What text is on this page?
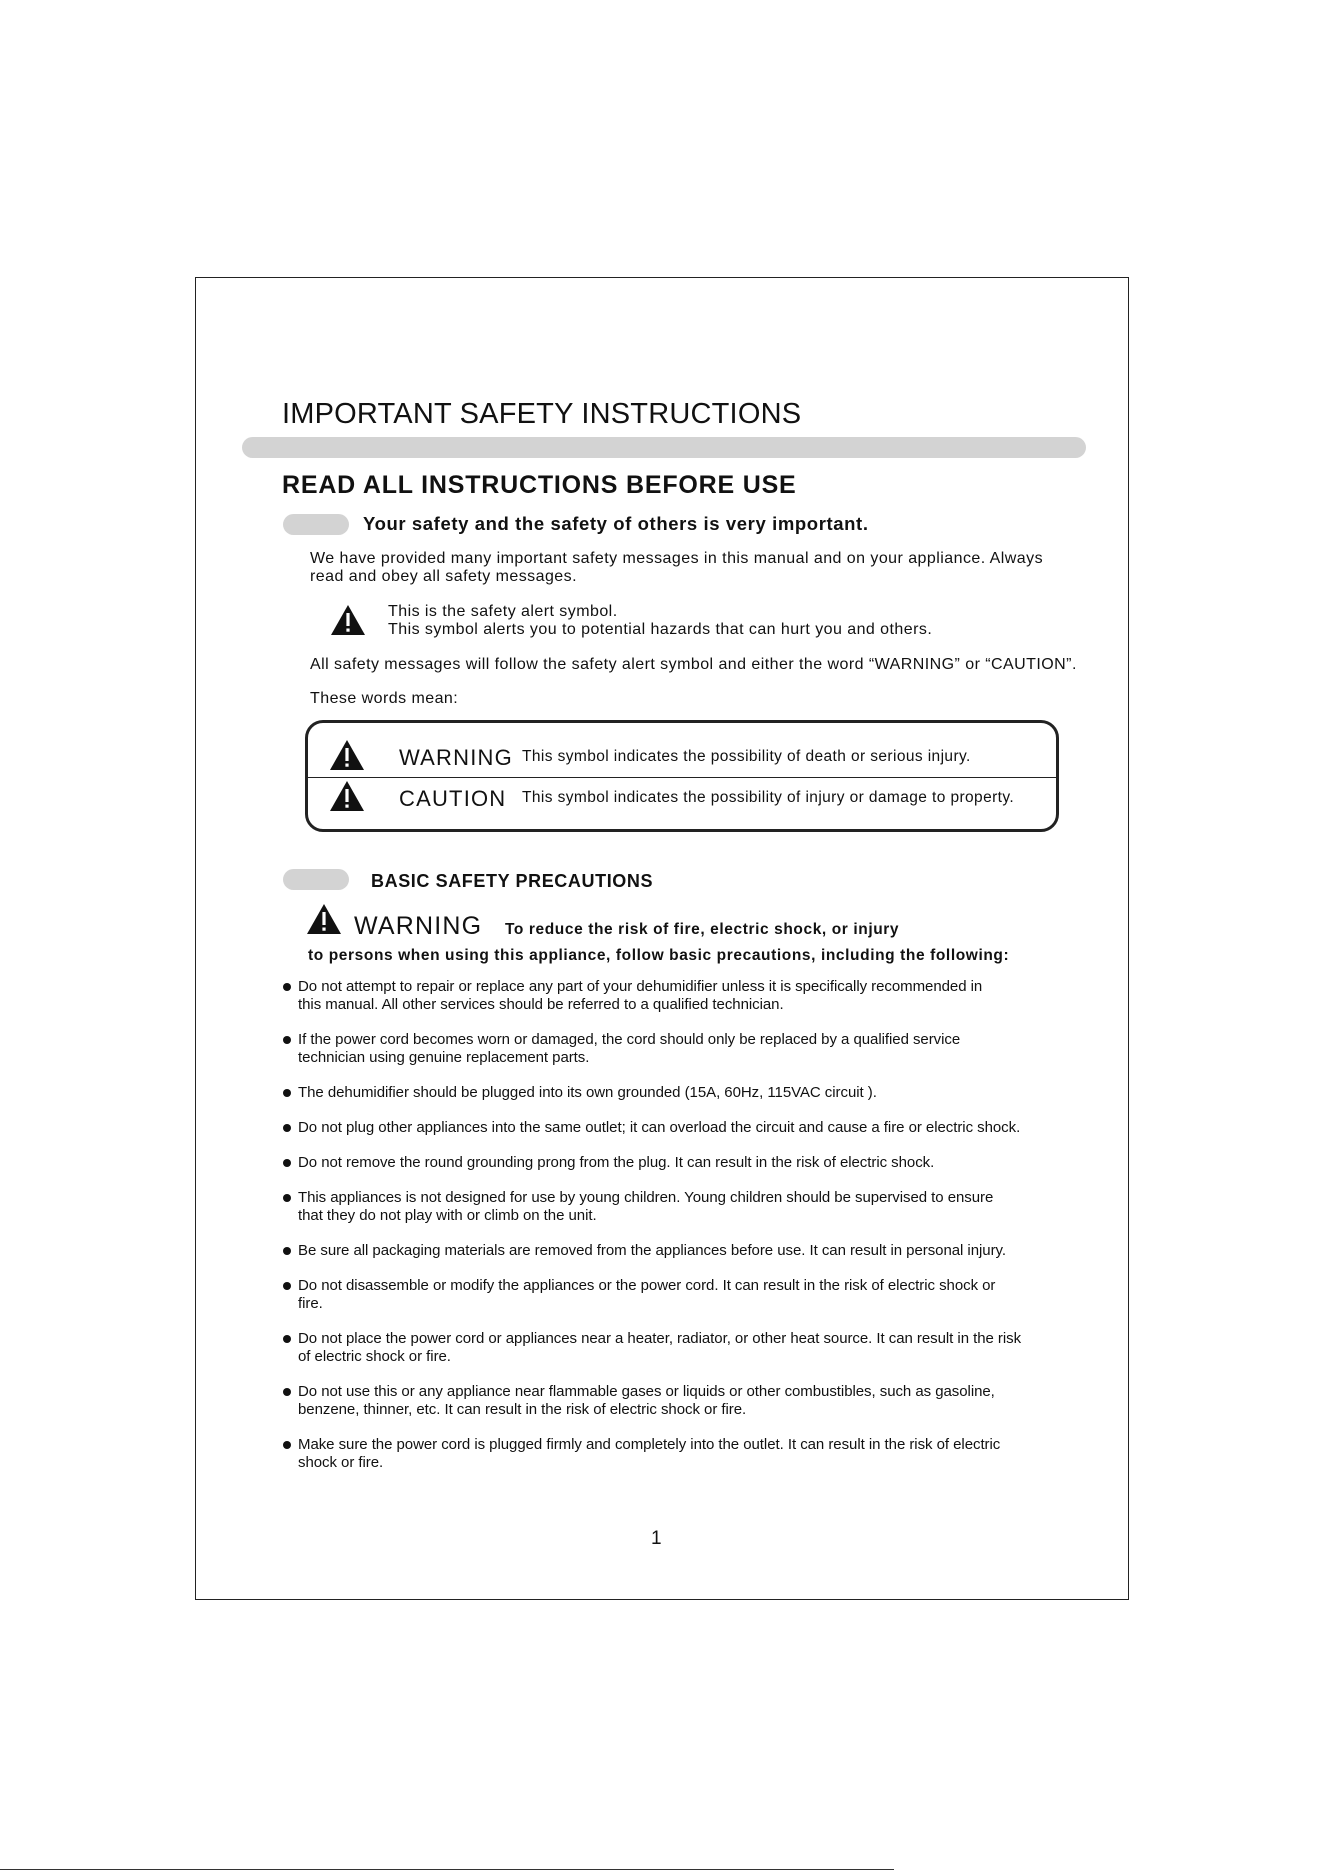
IMPORTANT SAFETY INSTRUCTIONS
READ ALL INSTRUCTIONS BEFORE USE
Your safety and the safety of others is very important.
We have provided many important safety messages in this manual and on your appliance. Always
read and obey all safety messages.
This is the safety alert symbol.
This symbol alerts you to potential hazards that can hurt you and others.
All safety messages will follow the safety alert symbol and either the word “WARNING” or “CAUTION”.
These words mean:
WARNING This symbol indicates the possibility of death or serious injury.
CAUTION This symbol indicates the possibility of injury or damage to property.
BASIC SAFETY PRECAUTIONS
WARNING To reduce the risk of fire, electric shock, or injury
to persons when using this appliance, follow basic precautions, including the following:
Do not attempt to repair or replace any part of your dehumidifier unless it is specifically recommended in
this manual. All other services should be referred to a qualified technician.
If the power cord becomes worn or damaged, the cord should only be replaced by a qualified service
technician using genuine replacement parts.
The dehumidifier should be plugged into its own grounded (15A, 60Hz, 115VAC circuit ).
Do not plug other appliances into the same outlet; it can overload the circuit and cause a fire or electric shock.
Do not remove the round grounding prong from the plug. It can result in the risk of electric shock.
This appliances is not designed for use by young children. Young children should be supervised to ensure
that they do not play with or climb on the unit.
Be sure all packaging materials are removed from the appliances before use. It can result in personal injury.
Do not disassemble or modify the appliances or the power cord. It can result in the risk of electric shock or
fire.
Do not place the power cord or appliances near a heater, radiator, or other heat source. It can result in the risk
of electric shock or fire.
Do not use this or any appliance near flammable gases or liquids or other combustibles, such as gasoline,
benzene, thinner, etc. It can result in the risk of electric shock or fire.
Make sure the power cord is plugged firmly and completely into the outlet. It can result in the risk of electric
shock or fire.
1
